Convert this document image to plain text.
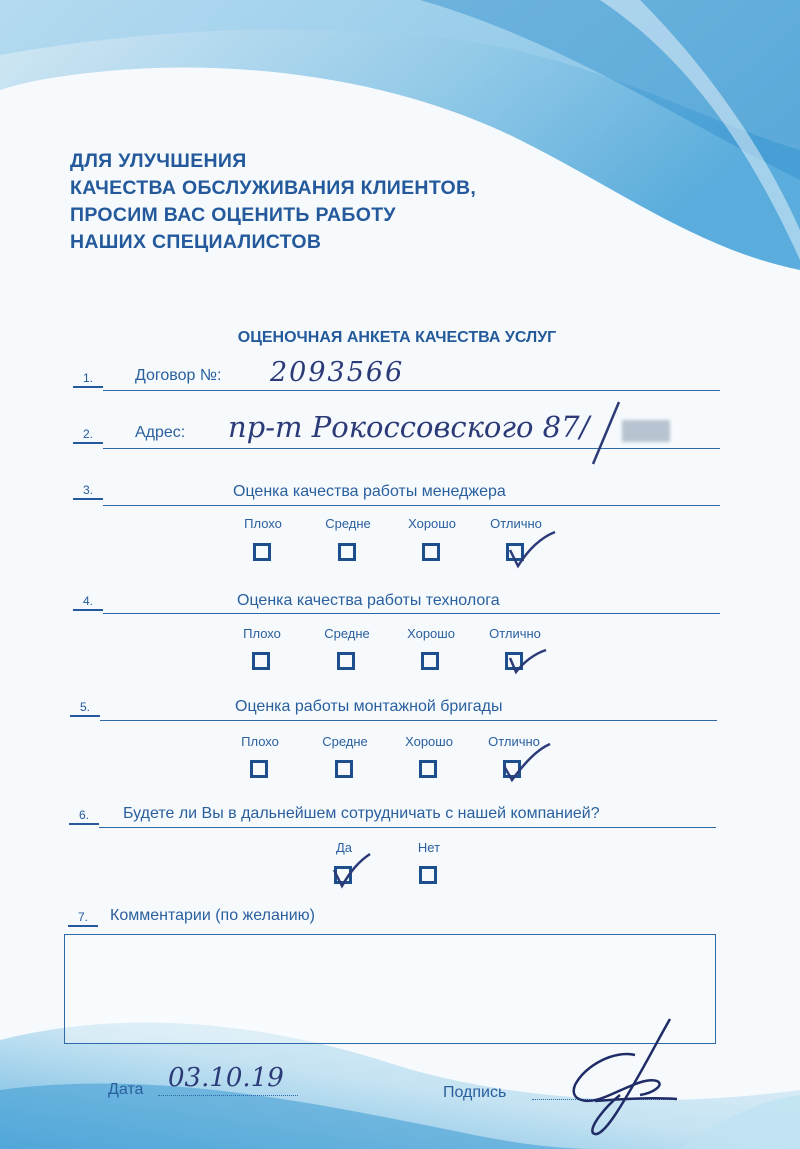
ДЛЯ УЛУЧШЕНИЯ
КАЧЕСТВА ОБСЛУЖИВАНИЯ КЛИЕНТОВ,
ПРОСИМ ВАС ОЦЕНИТЬ РАБОТУ
НАШИХ СПЕЦИАЛИСТОВ
ОЦЕНОЧНАЯ АНКЕТА КАЧЕСТВА УСЛУГ
1.	Договор №: 2093566
2.	Адрес: пр-т Рокоссовского 87/
3.	Оценка качества работы менеджера
Плохо	Средне	Хорошо	Отлично
4.	Оценка качества работы технолога
Плохо	Средне	Хорошо	Отлично
5.	Оценка работы монтажной бригады
Плохо	Средне	Хорошо	Отлично
6. Будете ли Вы в дальнейшем сотрудничать с нашей компанией?
Да	Нет
7. Комментарии (по желанию)
Дата 03.10.19	Подпись
